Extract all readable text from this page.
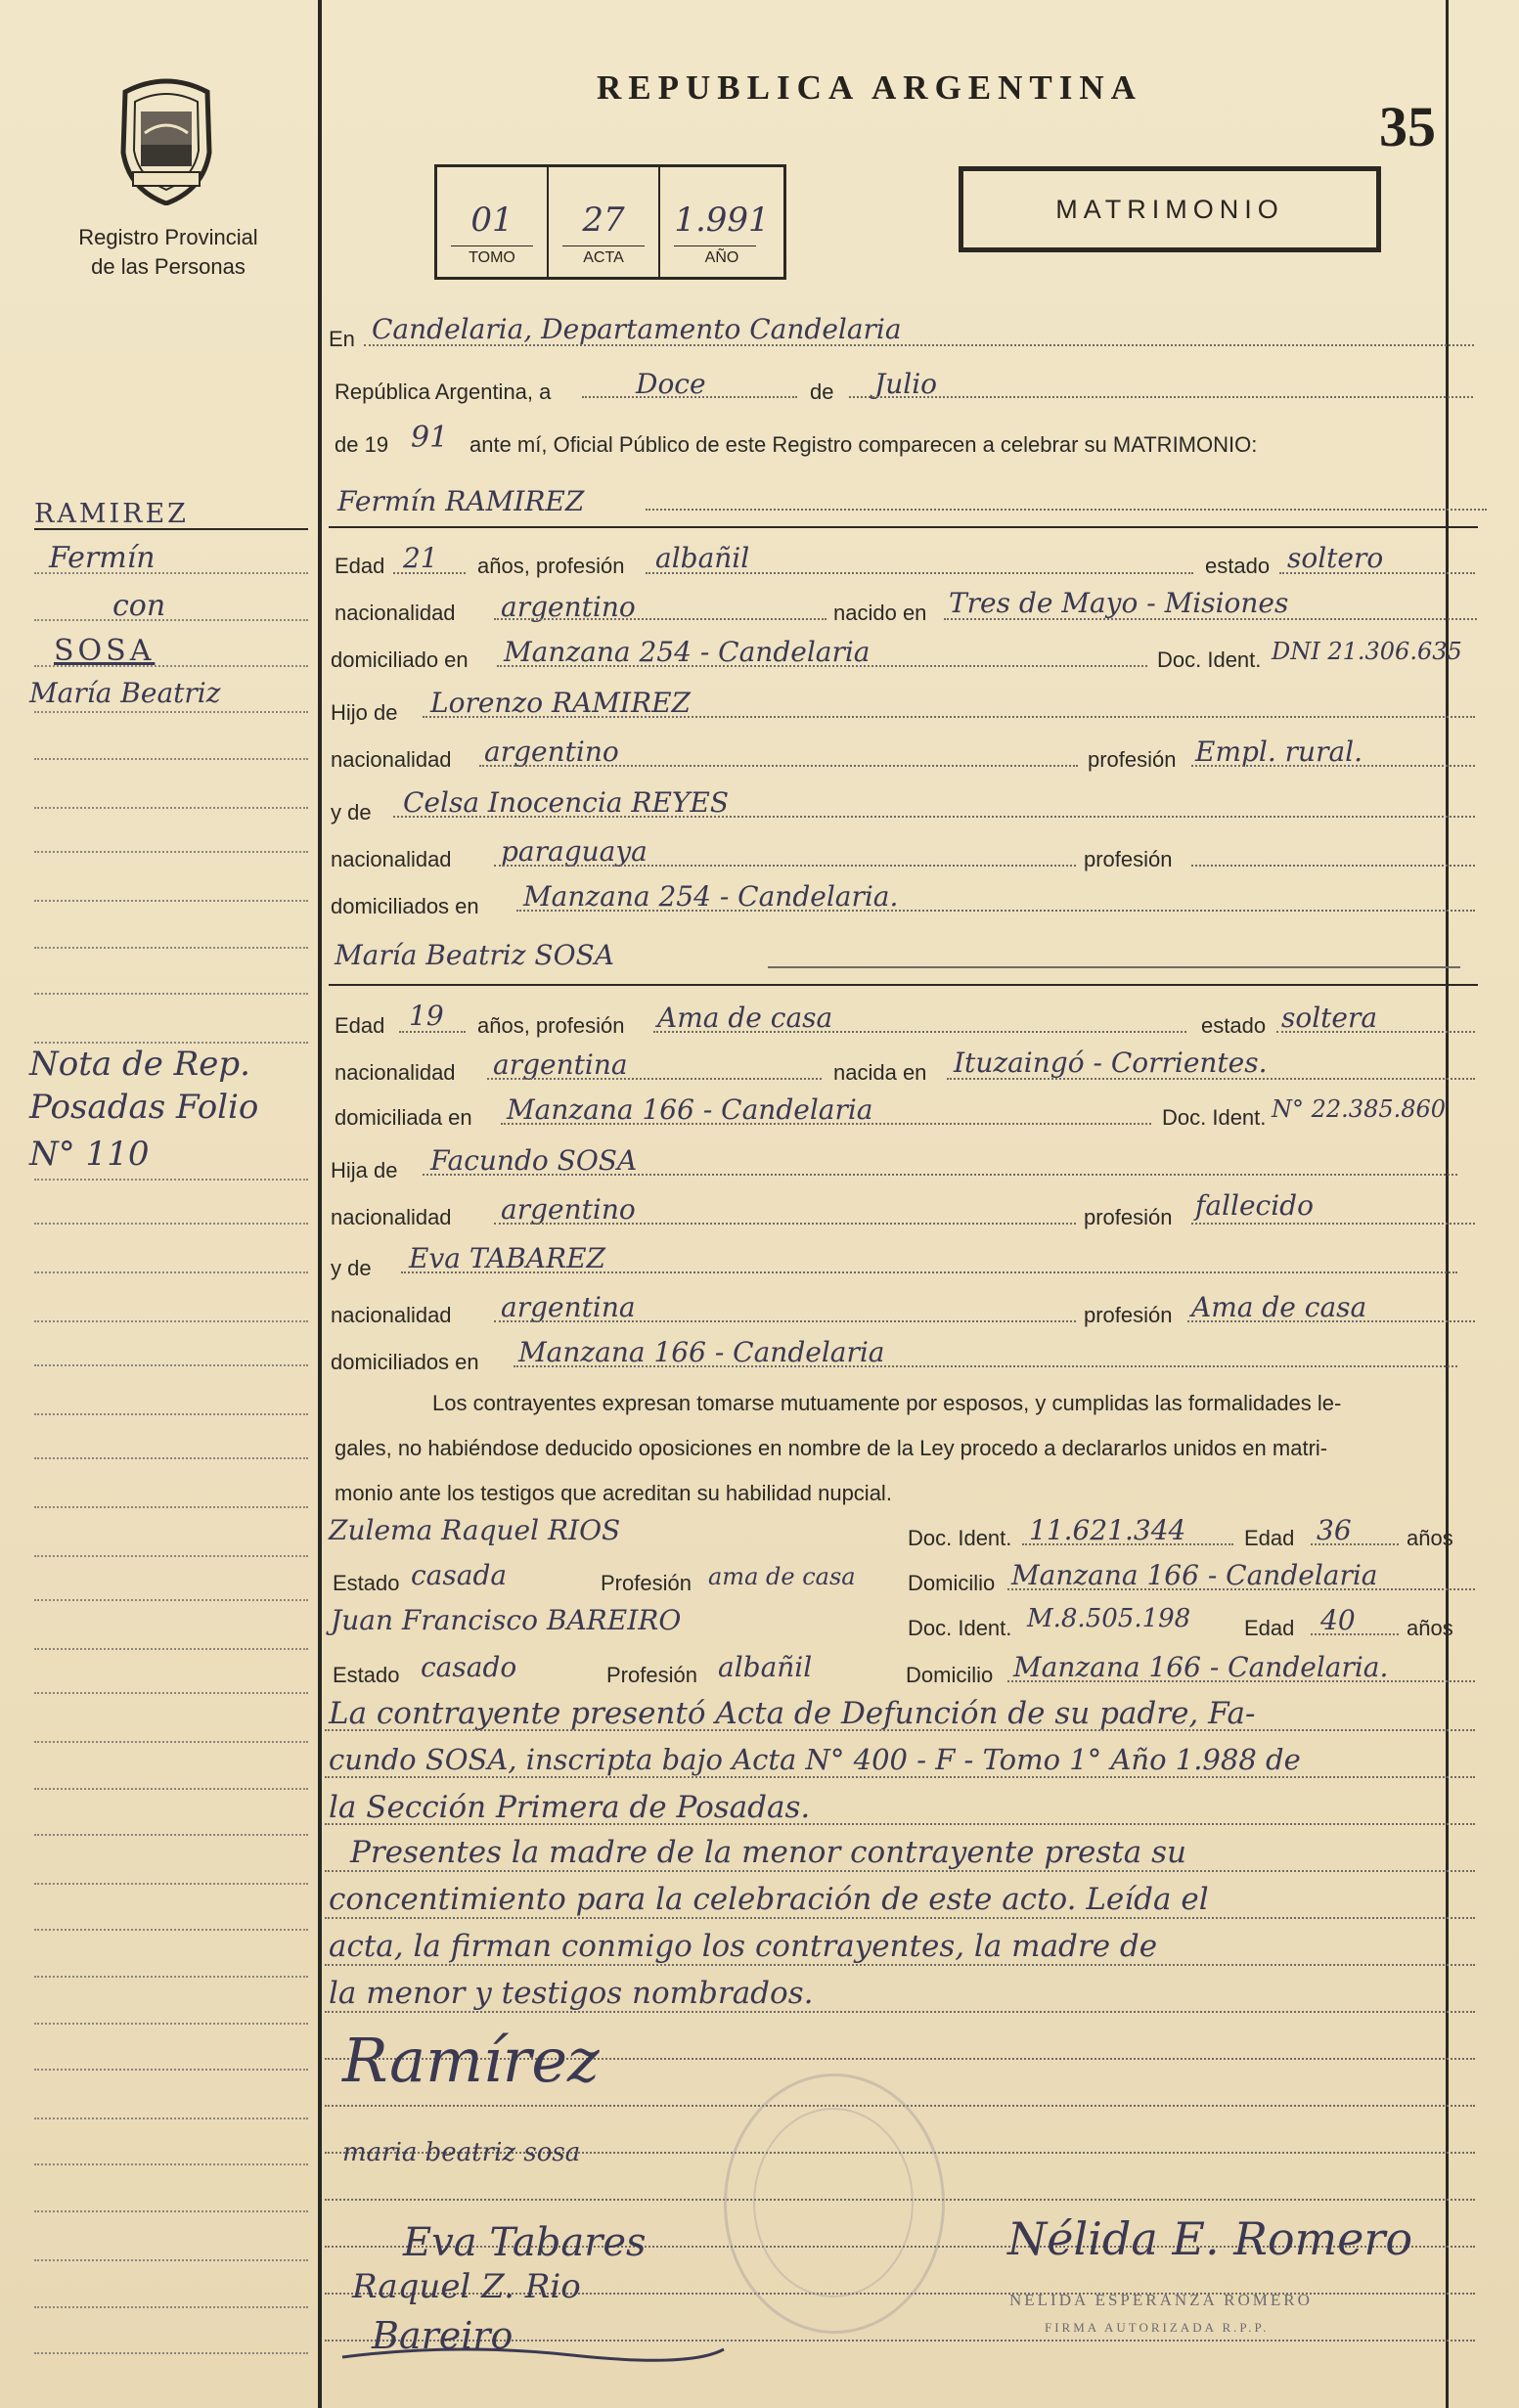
Registro Provincial
de las Personas
REPUBLICA ARGENTINA
35
01
TOMO
27
ACTA
1.991
AÑO
MATRIMONIO
RAMIREZ
Fermín
con
SOSA
María Beatriz
Nota de Rep.
Posadas Folio
N° 110
En Candelaria, Departamento Candelaria
República Argentina, a	Doce	de Julio
de 19 91 ante mí, Oficial Público de este Registro comparecen a celebrar su MATRIMONIO:
Fermín RAMIREZ
Edad 21 años, profesión albañil	estado soltero
nacionalidad argentino	nacido en Tres de Mayo - Misiones
domiciliado en Manzana 254 - Candelaria	Doc. Ident. DNI 21.306.635
Hijo de Lorenzo RAMIREZ
nacionalidad argentino	profesión Empl. rural.
y de Celsa Inocencia REYES
nacionalidad paraguaya	profesión
domiciliados en Manzana 254 - Candelaria.
María Beatriz SOSA
Edad 19 años, profesión Ama de casa	estado soltera
nacionalidad argentina	nacida en Ituzaingó - Corrientes.
domiciliada en Manzana 166 - Candelaria	Doc. Ident. N° 22.385.860
Hija de Facundo SOSA
nacionalidad argentino	profesión fallecido
y de Eva TABAREZ
nacionalidad argentina	profesión Ama de casa
domiciliados en Manzana 166 - Candelaria
Los contrayentes expresan tomarse mutuamente por esposos, y cumplidas las formalidades le-
gales, no habiéndose deducido oposiciones en nombre de la Ley procedo a declararlos unidos en matri-
monio ante los testigos que acreditan su habilidad nupcial.
Zulema Raquel RIOS	Doc. Ident. 11.621.344	Edad 36	años
Estado casada	Profesión ama de casa Domicilio Manzana 166 - Candelaria
Juan Francisco BAREIRO	Doc. Ident. M.8.505.198 Edad 40 años
Estado casado	Profesión albañil	Domicilio Manzana 166 - Candelaria.
La contrayente presentó Acta de Defunción de su padre, Fa-
cundo SOSA, inscripta bajo Acta N° 400 - F - Tomo 1° Año 1.988 de
la Sección Primera de Posadas.
Presentes la madre de la menor contrayente presta su
concentimiento para la celebración de este acto. Leída el
acta, la firman conmigo los contrayentes, la madre de
la menor y testigos nombrados.
Ramírez
maria beatriz sosa
Eva Tabares
Raquel Z. Rio
Bareiro
Nélida E. Romero
NELIDA ESPERANZA ROMERO
FIRMA AUTORIZADA R.P.P.
